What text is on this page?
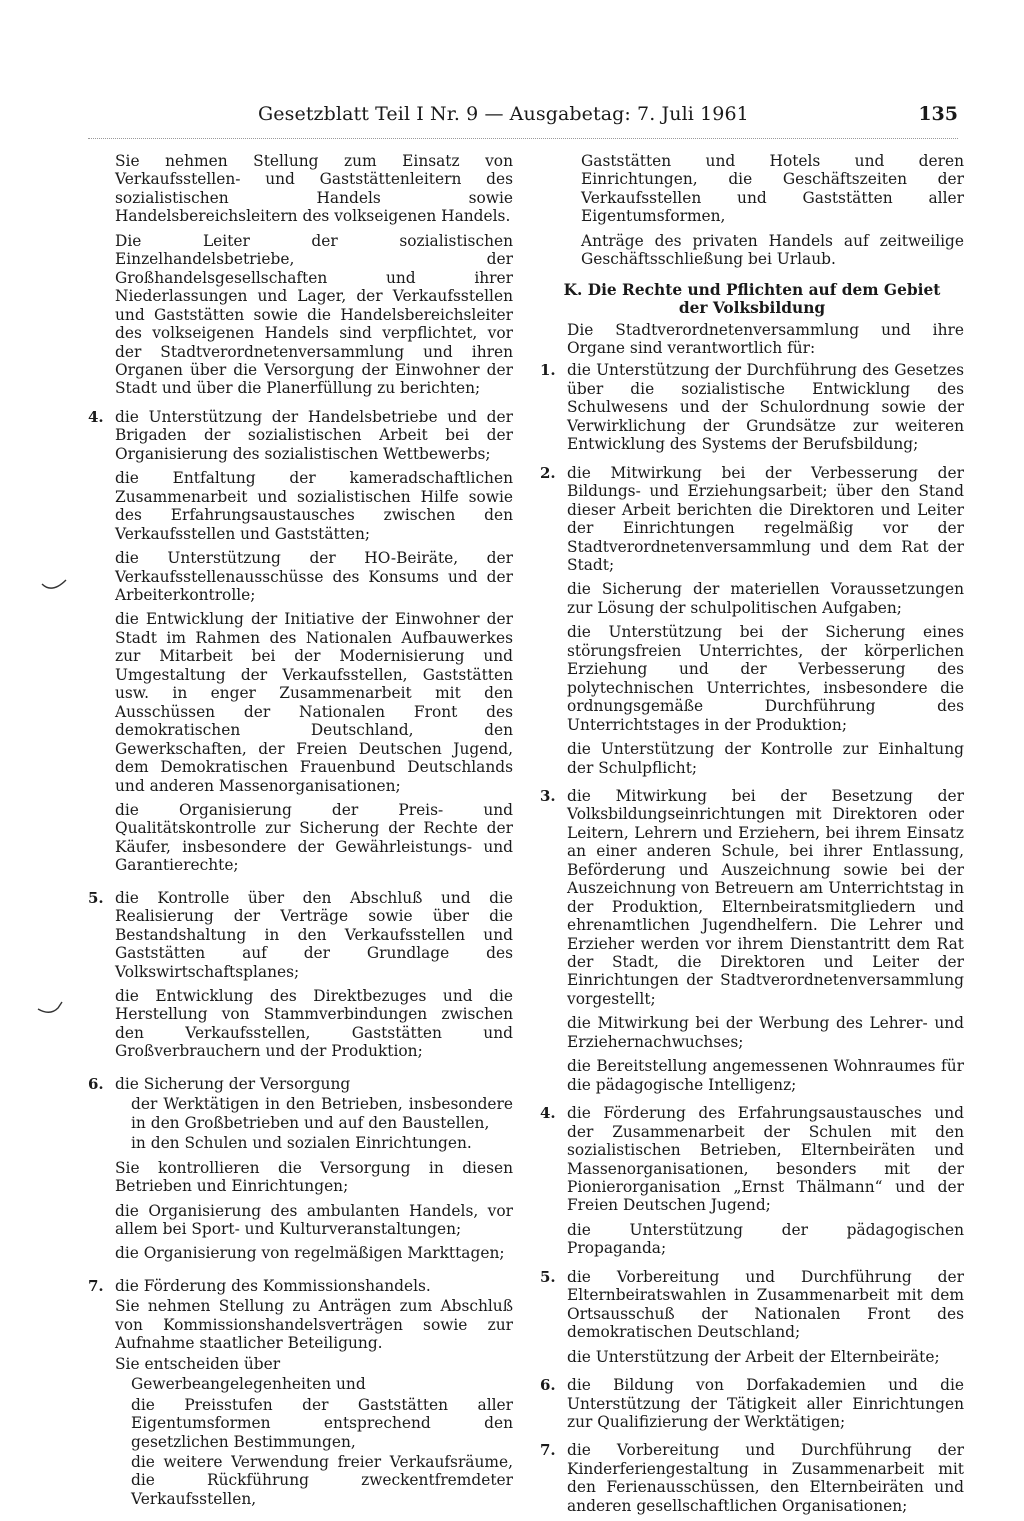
Gesetzblatt Teil I Nr. 9 — Ausgabetag: 7. Juli 1961	135
Sie nehmen Stellung zum Einsatz von Verkaufsstellen- und Gaststättenleitern des sozialistischen Handels sowie Handelsbereichsleitern des volkseigenen Handels.
Die Leiter der sozialistischen Einzelhandelsbetriebe, der Großhandelsgesellschaften und ihrer Niederlassungen und Lager, der Verkaufsstellen und Gaststätten sowie die Handelsbereichsleiter des volkseigenen Handels sind verpflichtet, vor der Stadtverordnetenversammlung und ihren Organen über die Versorgung der Einwohner der Stadt und über die Planerfüllung zu berichten;
4. die Unterstützung der Handelsbetriebe und der Brigaden der sozialistischen Arbeit bei der Organisierung des sozialistischen Wettbewerbs;
die Entfaltung der kameradschaftlichen Zusammenarbeit und sozialistischen Hilfe sowie des Erfahrungsaustausches zwischen den Verkaufsstellen und Gaststätten;
die Unterstützung der HO-Beiräte, der Verkaufsstellenausschüsse des Konsums und der Arbeiterkontrolle;
die Entwicklung der Initiative der Einwohner der Stadt im Rahmen des Nationalen Aufbauwerkes zur Mitarbeit bei der Modernisierung und Umgestaltung der Verkaufsstellen, Gaststätten usw. in enger Zusammenarbeit mit den Ausschüssen der Nationalen Front des demokratischen Deutschland, den Gewerkschaften, der Freien Deutschen Jugend, dem Demokratischen Frauenbund Deutschlands und anderen Massenorganisationen;
die Organisierung der Preis- und Qualitätskontrolle zur Sicherung der Rechte der Käufer, insbesondere der Gewährleistungs- und Garantierechte;
5. die Kontrolle über den Abschluß und die Realisierung der Verträge sowie über die Bestandshaltung in den Verkaufsstellen und Gaststätten auf der Grundlage des Volkswirtschaftsplanes;
die Entwicklung des Direktbezuges und die Herstellung von Stammverbindungen zwischen den Verkaufsstellen, Gaststätten und Großverbrauchern und der Produktion;
6. die Sicherung der Versorgung
der Werktätigen in den Betrieben, insbesondere in den Großbetrieben und auf den Baustellen,
in den Schulen und sozialen Einrichtungen.
Sie kontrollieren die Versorgung in diesen Betrieben und Einrichtungen;
die Organisierung des ambulanten Handels, vor allem bei Sport- und Kulturveranstaltungen;
die Organisierung von regelmäßigen Markttagen;
7. die Förderung des Kommissionshandels.
Sie nehmen Stellung zu Anträgen zum Abschluß von Kommissionshandelsverträgen sowie zur Aufnahme staatlicher Beteiligung.
Sie entscheiden über
Gewerbeangelegenheiten und
die Preisstufen der Gaststätten aller Eigentumsformen entsprechend den gesetzlichen Bestimmungen,
die weitere Verwendung freier Verkaufsräume, die Rückführung zweckentfremdeter Verkaufsstellen,
Gaststätten und Hotels und deren Einrichtungen, die Geschäftszeiten der Verkaufsstellen und Gaststätten aller Eigentumsformen,
Anträge des privaten Handels auf zeitweilige Geschäftsschließung bei Urlaub.
K. Die Rechte und Pflichten auf dem Gebiet
der Volksbildung
Die Stadtverordnetenversammlung und ihre Organe sind verantwortlich für:
1. die Unterstützung der Durchführung des Gesetzes über die sozialistische Entwicklung des Schulwesens und der Schulordnung sowie der Verwirklichung der Grundsätze zur weiteren Entwicklung des Systems der Berufsbildung;
2. die Mitwirkung bei der Verbesserung der Bildungs- und Erziehungsarbeit; über den Stand dieser Arbeit berichten die Direktoren und Leiter der Einrichtungen regelmäßig vor der Stadtverordnetenversammlung und dem Rat der Stadt;
die Sicherung der materiellen Voraussetzungen zur Lösung der schulpolitischen Aufgaben;
die Unterstützung bei der Sicherung eines störungsfreien Unterrichtes, der körperlichen Erziehung und der Verbesserung des polytechnischen Unterrichtes, insbesondere die ordnungsgemäße Durchführung des Unterrichtstages in der Produktion;
die Unterstützung der Kontrolle zur Einhaltung der Schulpflicht;
3. die Mitwirkung bei der Besetzung der Volksbildungseinrichtungen mit Direktoren oder Leitern, Lehrern und Erziehern, bei ihrem Einsatz an einer anderen Schule, bei ihrer Entlassung, Beförderung und Auszeichnung sowie bei der Auszeichnung von Betreuern am Unterrichtstag in der Produktion, Elternbeiratsmitgliedern und ehrenamtlichen Jugendhelfern. Die Lehrer und Erzieher werden vor ihrem Dienstantritt dem Rat der Stadt, die Direktoren und Leiter der Einrichtungen der Stadtverordnetenversammlung vorgestellt;
die Mitwirkung bei der Werbung des Lehrer- und Erziehernachwuchses;
die Bereitstellung angemessenen Wohnraumes für die pädagogische Intelligenz;
4. die Förderung des Erfahrungsaustausches und der Zusammenarbeit der Schulen mit den sozialistischen Betrieben, Elternbeiräten und Massenorganisationen, besonders mit der Pionierorganisation „Ernst Thälmann“ und der Freien Deutschen Jugend;
die Unterstützung der pädagogischen Propaganda;
5. die Vorbereitung und Durchführung der Elternbeiratswahlen in Zusammenarbeit mit dem Ortsausschuß der Nationalen Front des demokratischen Deutschland;
die Unterstützung der Arbeit der Elternbeiräte;
6. die Bildung von Dorfakademien und die Unterstützung der Tätigkeit aller Einrichtungen zur Qualifizierung der Werktätigen;
7. die Vorbereitung und Durchführung der Kinderferiengestaltung in Zusammenarbeit mit den Ferienausschüssen, den Elternbeiräten und anderen gesellschaftlichen Organisationen;
